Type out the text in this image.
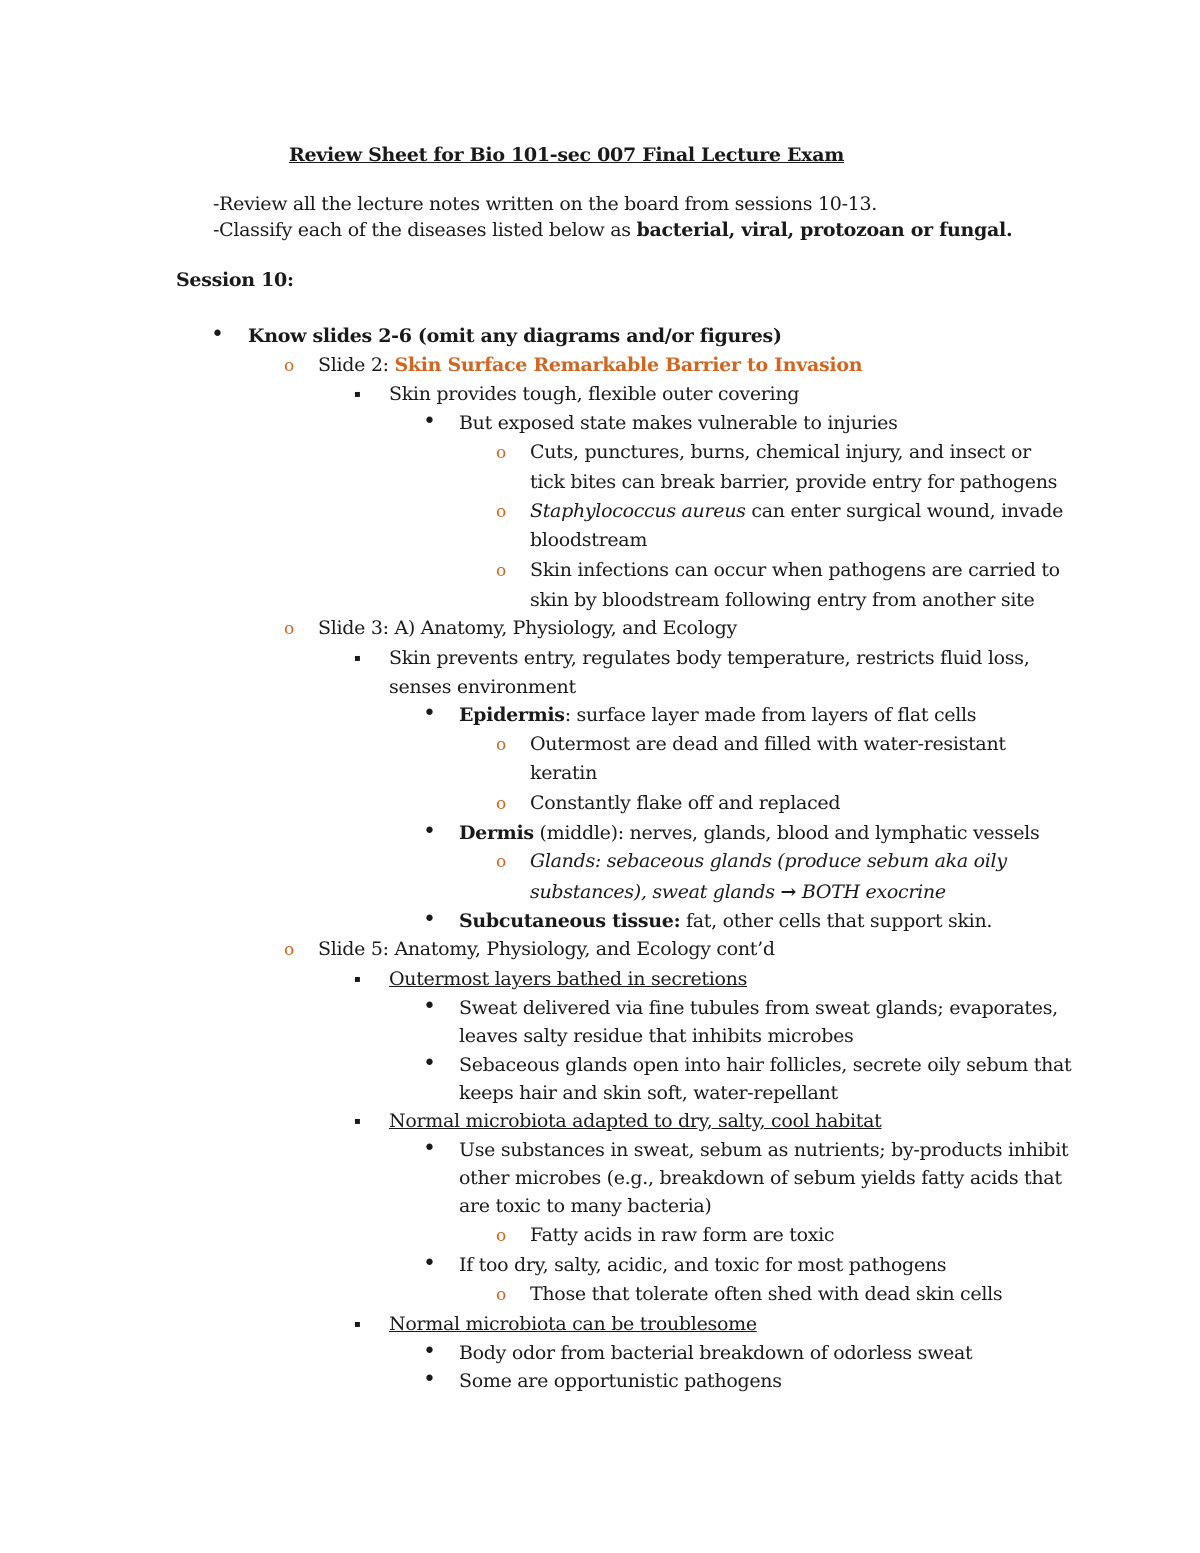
Review Sheet for Bio 101-sec 007 Final Lecture Exam
-Review all the lecture notes written on the board from sessions 10-13.
-Classify each of the diseases listed below as bacterial, viral, protozoan or fungal.
Session 10:
• Know slides 2-6 (omit any diagrams and/or figures)
o Slide 2: Skin Surface Remarkable Barrier to Invasion
▪ Skin provides tough, flexible outer covering
• But exposed state makes vulnerable to injuries
o Cuts, punctures, burns, chemical injury, and insect or
tick bites can break barrier, provide entry for pathogens
o Staphylococcus aureus can enter surgical wound, invade
bloodstream
o Skin infections can occur when pathogens are carried to
skin by bloodstream following entry from another site
o Slide 3: A) Anatomy, Physiology, and Ecology
▪ Skin prevents entry, regulates body temperature, restricts fluid loss,
senses environment
• Epidermis: surface layer made from layers of flat cells
o Outermost are dead and filled with water-resistant
keratin
o Constantly flake off and replaced
• Dermis (middle): nerves, glands, blood and lymphatic vessels
o Glands: sebaceous glands (produce sebum aka oily
substances), sweat glands → BOTH exocrine
• Subcutaneous tissue: fat, other cells that support skin.
o Slide 5: Anatomy, Physiology, and Ecology cont’d
▪ Outermost layers bathed in secretions
• Sweat delivered via fine tubules from sweat glands; evaporates,
leaves salty residue that inhibits microbes
• Sebaceous glands open into hair follicles, secrete oily sebum that
keeps hair and skin soft, water-repellant
▪ Normal microbiota adapted to dry, salty, cool habitat
• Use substances in sweat, sebum as nutrients; by-products inhibit
other microbes (e.g., breakdown of sebum yields fatty acids that
are toxic to many bacteria)
o Fatty acids in raw form are toxic
• If too dry, salty, acidic, and toxic for most pathogens
o Those that tolerate often shed with dead skin cells
▪ Normal microbiota can be troublesome
• Body odor from bacterial breakdown of odorless sweat
• Some are opportunistic pathogens
